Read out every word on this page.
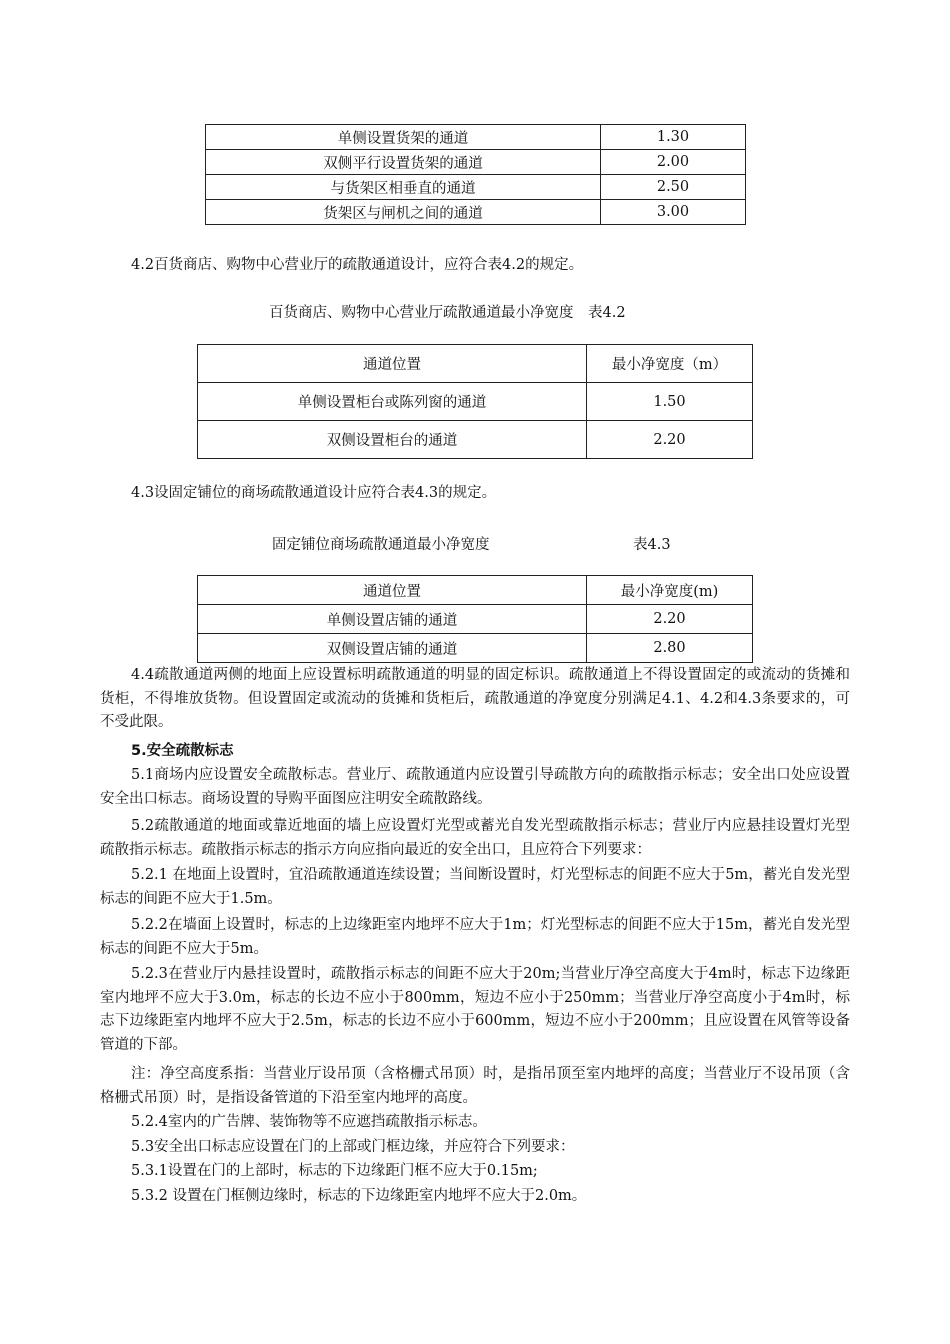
单侧设置货架的通道	1.30
双侧平行设置货架的通道	2.00
与货架区相垂直的通道	2.50
货架区与闸机之间的通道	3.00
4.2百货商店、购物中心营业厅的疏散通道设计，应符合表4.2的规定。
百货商店、购物中心营业厅疏散通道最小净宽度　表4.2
通道位置	最小净宽度（m）
单侧设置柜台或陈列窗的通道	1.50
双侧设置柜台的通道	2.20
4.3设固定铺位的商场疏散通道设计应符合表4.3的规定。
固定铺位商场疏散通道最小净宽度	表4.3
通道位置	最小净宽度(m)
单侧设置店铺的通道	2.20
双侧设置店铺的通道	2.80
4.4疏散通道两侧的地面上应设置标明疏散通道的明显的固定标识。疏散通道上不得设置固定的或流动的货摊和货柜，不得堆放货物。但设置固定或流动的货摊和货柜后，疏散通道的净宽度分别满足4.1、4.2和4.3条要求的，可不受此限。
5.安全疏散标志
5.1商场内应设置安全疏散标志。营业厅、疏散通道内应设置引导疏散方向的疏散指示标志；安全出口处应设置安全出口标志。商场设置的导购平面图应注明安全疏散路线。
5.2疏散通道的地面或靠近地面的墙上应设置灯光型或蓄光自发光型疏散指示标志；营业厅内应悬挂设置灯光型疏散指示标志。疏散指示标志的指示方向应指向最近的安全出口，且应符合下列要求：
5.2.1 在地面上设置时，宜沿疏散通道连续设置；当间断设置时，灯光型标志的间距不应大于5m，蓄光自发光型标志的间距不应大于1.5m。
5.2.2在墙面上设置时，标志的上边缘距室内地坪不应大于1m；灯光型标志的间距不应大于15m，蓄光自发光型标志的间距不应大于5m。
5.2.3在营业厅内悬挂设置时，疏散指示标志的间距不应大于20m;当营业厅净空高度大于4m时，标志下边缘距室内地坪不应大于3.0m，标志的长边不应小于800mm，短边不应小于250mm；当营业厅净空高度小于4m时，标志下边缘距室内地坪不应大于2.5m，标志的长边不应小于600mm，短边不应小于200mm；且应设置在风管等设备管道的下部。
注：净空高度系指：当营业厅设吊顶（含格栅式吊顶）时，是指吊顶至室内地坪的高度；当营业厅不设吊顶（含格栅式吊顶）时，是指设备管道的下沿至室内地坪的高度。
5.2.4室内的广告牌、装饰物等不应遮挡疏散指示标志。
5.3安全出口标志应设置在门的上部或门框边缘，并应符合下列要求：
5.3.1设置在门的上部时，标志的下边缘距门框不应大于0.15m;
5.3.2 设置在门框侧边缘时，标志的下边缘距室内地坪不应大于2.0m。
